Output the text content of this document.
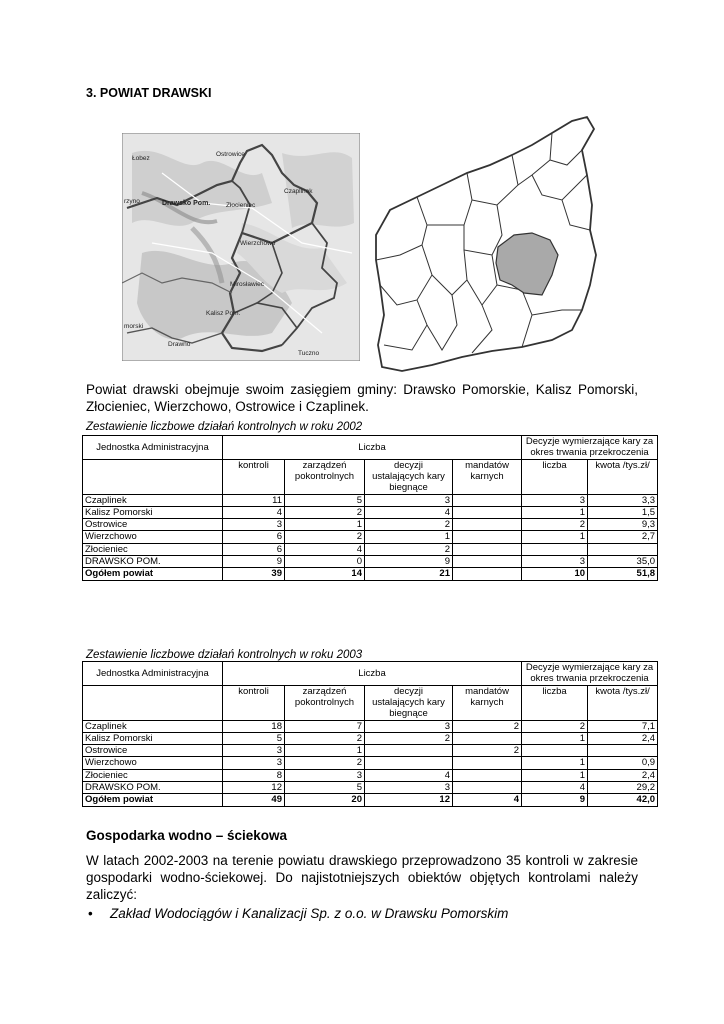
3. POWIAT DRAWSKI
Łobez
Ostrowice
Czaplinek
rzyno	Drawsko Pom. Złocieniec
Wierzchowo
Mirosławiec
Kalisz Pom.
morski
Drawno
Tuczno
Powiat drawski obejmuje swoim zasięgiem gminy: Drawsko Pomorskie, Kalisz Pomorski, Złocieniec, Wierzchowo, Ostrowice i Czaplinek.
Zestawienie liczbowe działań kontrolnych w roku 2002
Jednostka Administracyjna	Liczba				Decyzje wymierzające kary za okres trwania przekroczenia	

	kontroli	zarządzeń pokontrolnych	decyzji ustalających kary biegnące	mandatów karnych	liczba	kwota /tys.zł/
Czaplinek	11	5	3		3	3,3
Kalisz Pomorski	4	2	4		1	1,5
Ostrowice	3	1	2		2	9,3
Wierzchowo	6	2	1		1	2,7
Złocieniec	6	4	2			
DRAWSKO POM.	9	0	9		3	35,0
Ogółem powiat	39	14	21		10	51,8
Zestawienie liczbowe działań kontrolnych w roku 2003
Jednostka Administracyjna	Liczba				Decyzje wymierzające kary za okres trwania przekroczenia	

	kontroli	zarządzeń pokontrolnych	decyzji ustalających kary biegnące	mandatów karnych	liczba	kwota /tys.zł/
Czaplinek	18	7	3	2	2	7,1
Kalisz Pomorski	5	2	2		1	2,4
Ostrowice	3	1		2		
Wierzchowo	3	2			1	0,9
Złocieniec	8	3	4		1	2,4
DRAWSKO POM.	12	5	3		4	29,2
Ogółem powiat	49	20	12	4	9	42,0
Gospodarka wodno – ściekowa
W latach 2002-2003 na terenie powiatu drawskiego przeprowadzono 35 kontroli w zakresie gospodarki wodno-ściekowej. Do najistotniejszych obiektów objętych kontrolami należy zaliczyć:
• Zakład Wodociągów i Kanalizacji Sp. z o.o. w Drawsku Pomorskim
